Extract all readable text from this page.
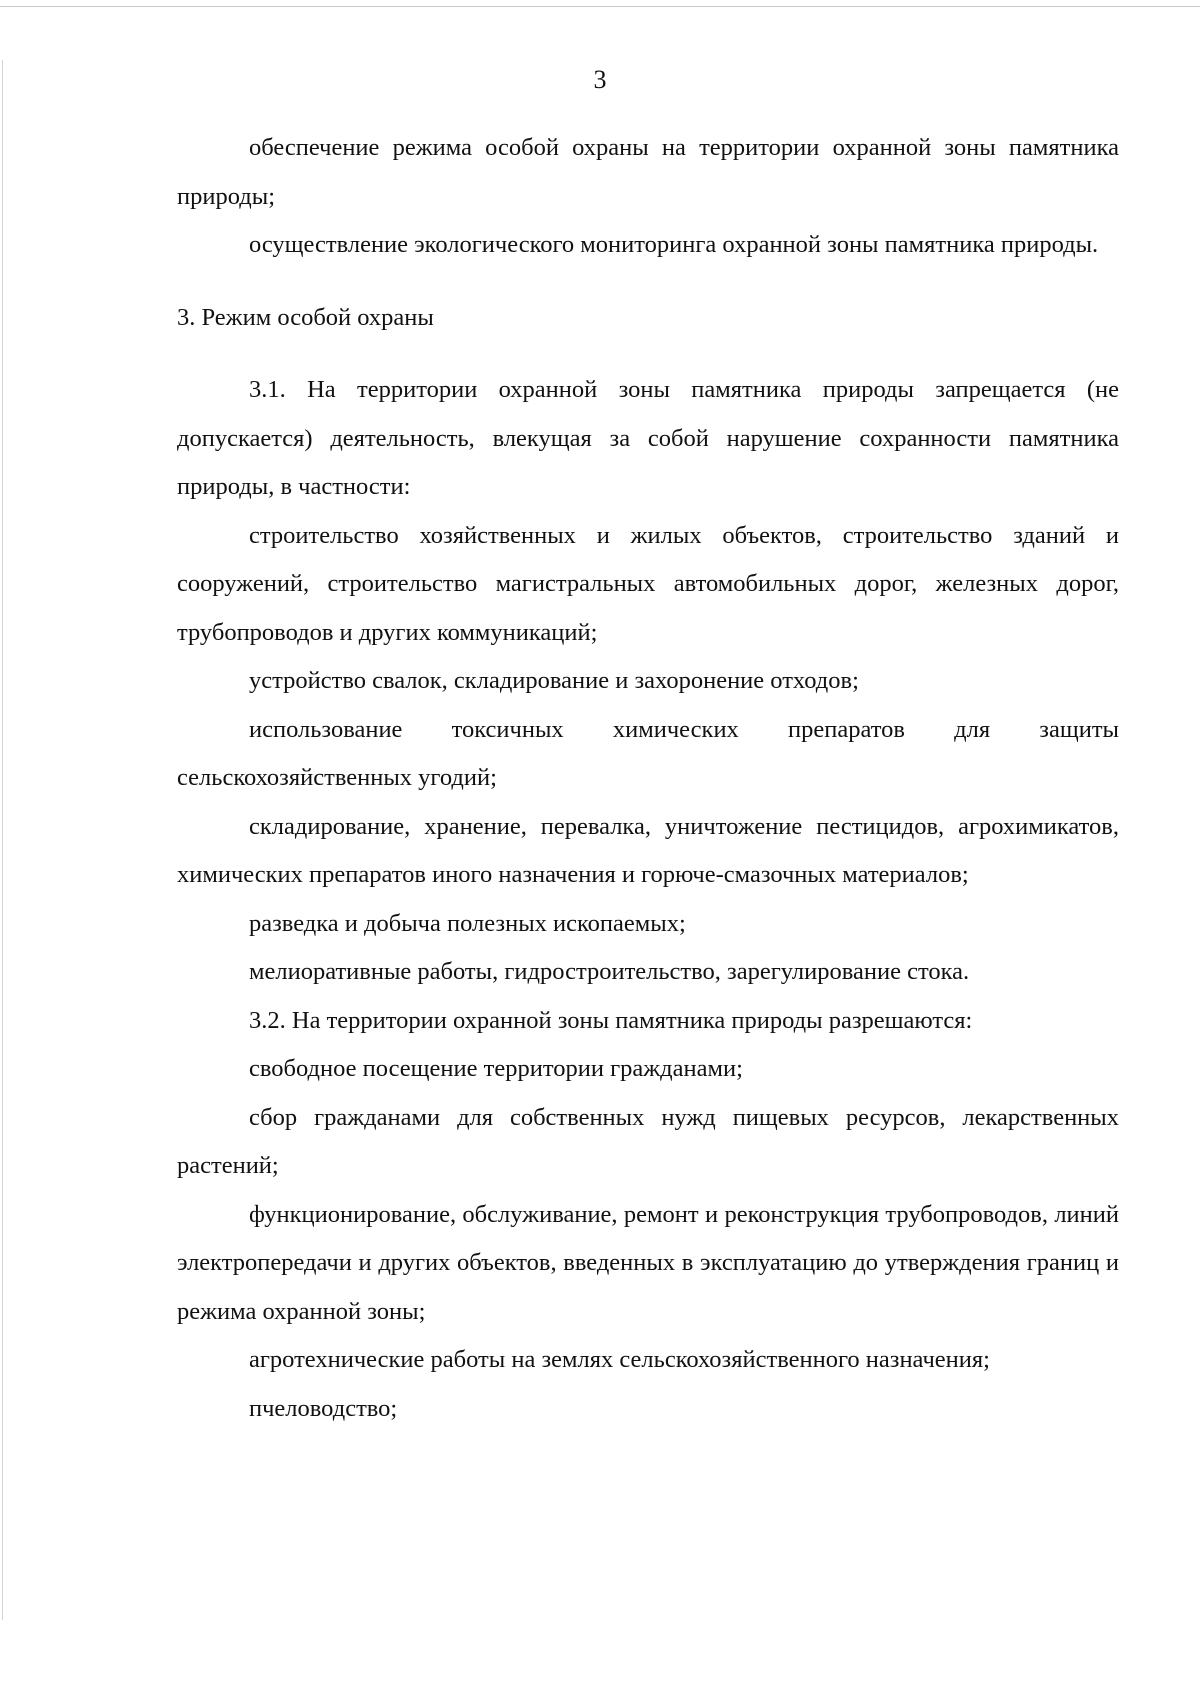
3

обеспечение режима особой охраны на территории охранной зоны памятника природы;

осуществление экологического мониторинга охранной зоны памятника природы.

3. Режим особой охраны

3.1. На территории охранной зоны памятника природы запрещается (не допускается) деятельность, влекущая за собой нарушение сохранности памятника природы, в частности:

строительство хозяйственных и жилых объектов, строительство зданий и сооружений, строительство магистральных автомобильных дорог, железных дорог, трубопроводов и других коммуникаций;

устройство свалок, складирование и захоронение отходов;

использование токсичных химических препаратов для защиты сельскохозяйственных угодий;

складирование, хранение, перевалка, уничтожение пестицидов, агрохимикатов, химических препаратов иного назначения и горюче-смазочных материалов;

разведка и добыча полезных ископаемых;

мелиоративные работы, гидростроительство, зарегулирование стока.

3.2. На территории охранной зоны памятника природы разрешаются:

свободное посещение территории гражданами;

сбор гражданами для собственных нужд пищевых ресурсов, лекарственных растений;

функционирование, обслуживание, ремонт и реконструкция трубопроводов, линий электропередачи и других объектов, введенных в эксплуатацию до утверждения границ и режима охранной зоны;

агротехнические работы на землях сельскохозяйственного назначения;

пчеловодство;
